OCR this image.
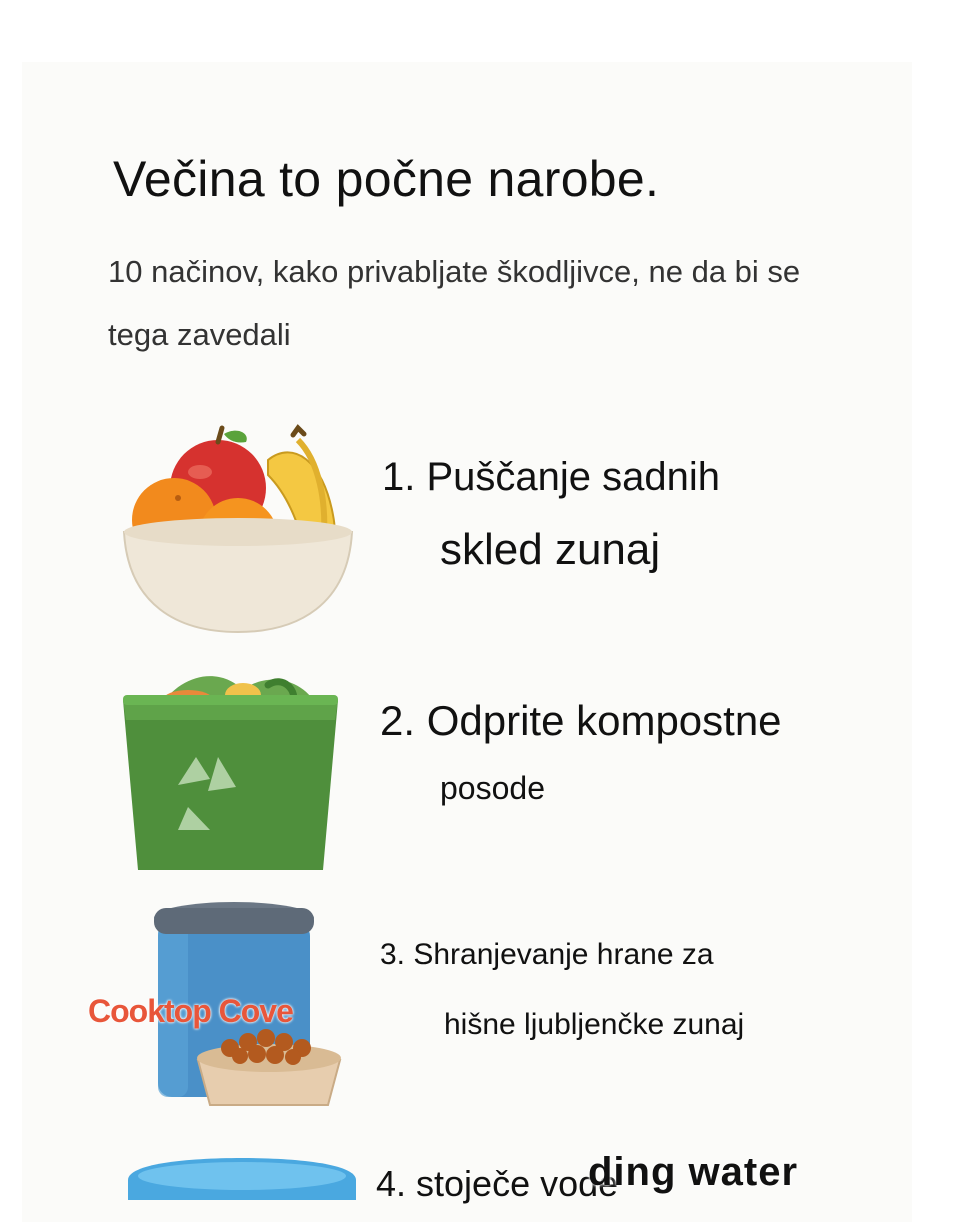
Večina to počne narobe.

10 načinov, kako privabljate škodljivce, ne da bi se tega zavedali

1. Puščanje sadnih

skled zunaj

2. Odprite kompostne

posode

Cooktop Cove

3. Shranjevanje hrane za

hišne ljubljenčke zunaj

4. stoječe vode

ding water
